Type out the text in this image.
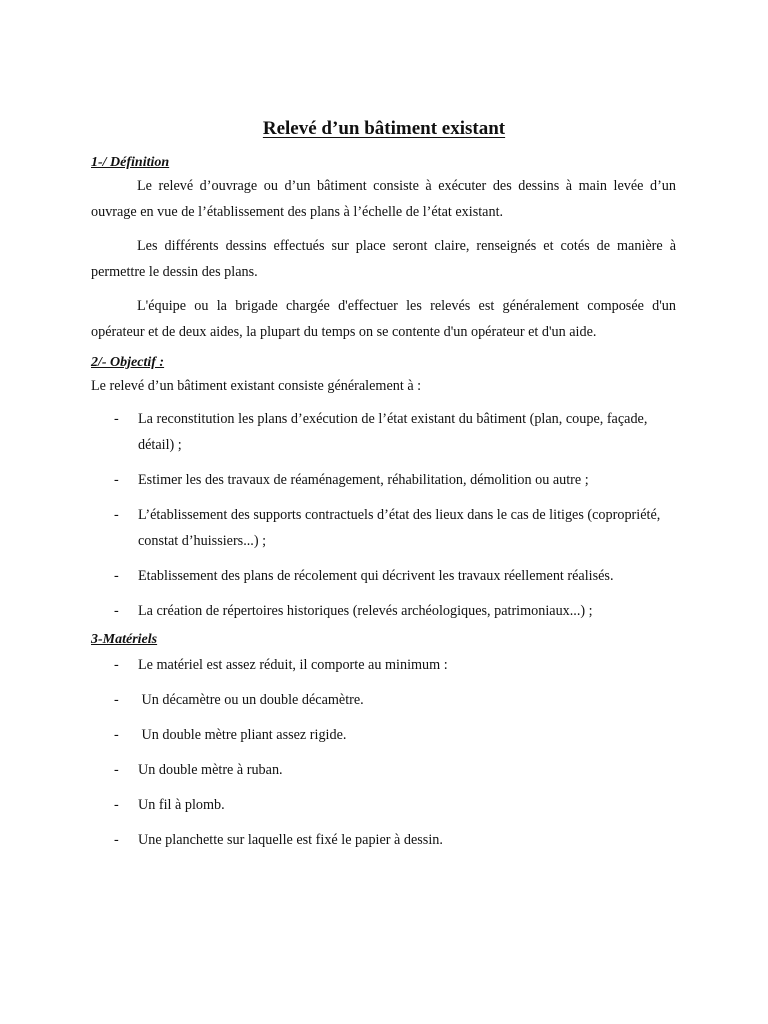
Relevé d’un bâtiment existant
1-/ Définition

Le relevé d’ouvrage ou d’un bâtiment consiste à exécuter des dessins à main levée d’un ouvrage en vue de l’établissement des plans à l’échelle de l’état existant.

Les différents dessins effectués sur place seront claire, renseignés et cotés de manière à permettre le dessin des plans.

L'équipe ou la brigade chargée d'effectuer les relevés est généralement composée d'un opérateur et de deux aides, la plupart du temps on se contente d'un opérateur et d'un aide.

2/- Objectif :

Le relevé d’un bâtiment existant consiste généralement à :

- La reconstitution les plans d’exécution de l’état existant du bâtiment (plan, coupe, façade, détail) ;
- Estimer les des travaux de réaménagement, réhabilitation, démolition ou autre ;
- L’établissement des supports contractuels d’état des lieux dans le cas de litiges (copropriété, constat d’huissiers...) ;
- Etablissement des plans de récolement qui décrivent les travaux réellement réalisés.
- La création de répertoires historiques (relevés archéologiques, patrimoniaux...) ;
3-Matériels
- Le matériel est assez réduit, il comporte au minimum :
- Un décamètre ou un double décamètre.
- Un double mètre pliant assez rigide.
- Un double mètre à ruban.
- Un fil à plomb.
- Une planchette sur laquelle est fixé le papier à dessin.
